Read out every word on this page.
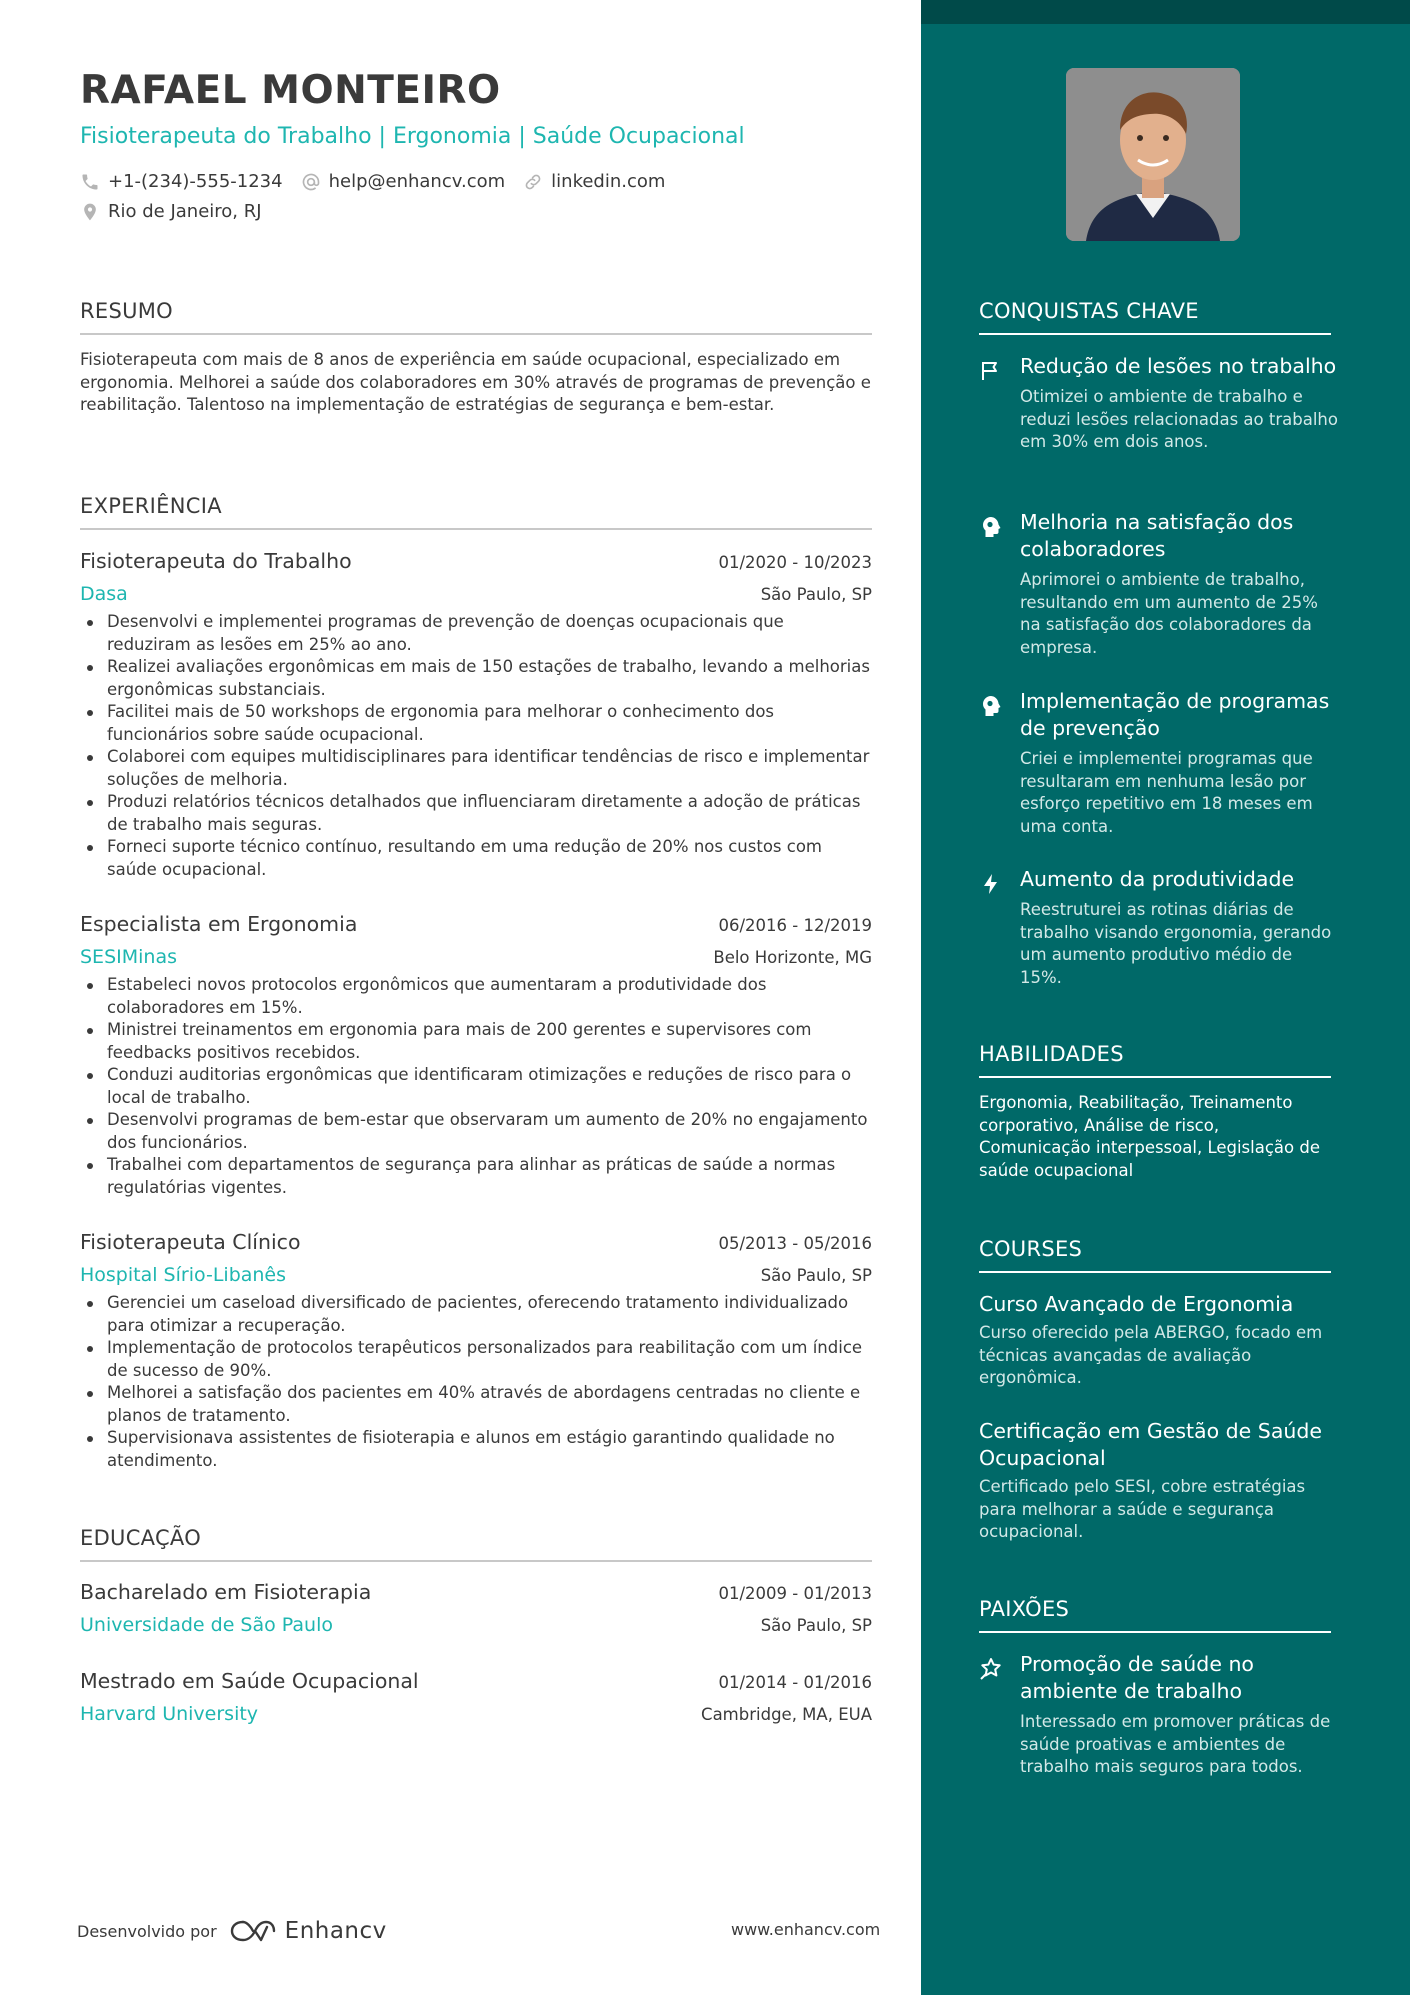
RAFAEL MONTEIRO
Fisioterapeuta do Trabalho | Ergonomia | Saúde Ocupacional
+1-(234)-555-1234	help@enhancv.com	linkedin.com
Rio de Janeiro, RJ
RESUMO
Fisioterapeuta com mais de 8 anos de experiência em saúde ocupacional, especializado em ergonomia. Melhorei a saúde dos colaboradores em 30% através de programas de prevenção e reabilitação. Talentoso na implementação de estratégias de segurança e bem-estar.
EXPERIÊNCIA
Fisioterapeuta do Trabalho	01/2020 - 10/2023
Dasa	São Paulo, SP
Desenvolvi e implementei programas de prevenção de doenças ocupacionais que reduziram as lesões em 25% ao ano.
Realizei avaliações ergonômicas em mais de 150 estações de trabalho, levando a melhorias ergonômicas substanciais.
Facilitei mais de 50 workshops de ergonomia para melhorar o conhecimento dos funcionários sobre saúde ocupacional.
Colaborei com equipes multidisciplinares para identificar tendências de risco e implementar soluções de melhoria.
Produzi relatórios técnicos detalhados que influenciaram diretamente a adoção de práticas de trabalho mais seguras.
Forneci suporte técnico contínuo, resultando em uma redução de 20% nos custos com saúde ocupacional.
Especialista em Ergonomia	06/2016 - 12/2019
SESIMinas	Belo Horizonte, MG
Estabeleci novos protocolos ergonômicos que aumentaram a produtividade dos colaboradores em 15%.
Ministrei treinamentos em ergonomia para mais de 200 gerentes e supervisores com feedbacks positivos recebidos.
Conduzi auditorias ergonômicas que identificaram otimizações e reduções de risco para o local de trabalho.
Desenvolvi programas de bem-estar que observaram um aumento de 20% no engajamento dos funcionários.
Trabalhei com departamentos de segurança para alinhar as práticas de saúde a normas regulatórias vigentes.
Fisioterapeuta Clínico	05/2013 - 05/2016
Hospital Sírio-Libanês	São Paulo, SP
Gerenciei um caseload diversificado de pacientes, oferecendo tratamento individualizado para otimizar a recuperação.
Implementação de protocolos terapêuticos personalizados para reabilitação com um índice de sucesso de 90%.
Melhorei a satisfação dos pacientes em 40% através de abordagens centradas no cliente e planos de tratamento.
Supervisionava assistentes de fisioterapia e alunos em estágio garantindo qualidade no atendimento.
EDUCAÇÃO
Bacharelado em Fisioterapia	01/2009 - 01/2013
Universidade de São Paulo	São Paulo, SP
Mestrado em Saúde Ocupacional	01/2014 - 01/2016
Harvard University	Cambridge, MA, EUA
CONQUISTAS CHAVE
Redução de lesões no trabalho
Otimizei o ambiente de trabalho e reduzi lesões relacionadas ao trabalho em 30% em dois anos.
Melhoria na satisfação dos colaboradores
Aprimorei o ambiente de trabalho, resultando em um aumento de 25% na satisfação dos colaboradores da empresa.
Implementação de programas de prevenção
Criei e implementei programas que resultaram em nenhuma lesão por esforço repetitivo em 18 meses em uma conta.
Aumento da produtividade
Reestruturei as rotinas diárias de trabalho visando ergonomia, gerando um aumento produtivo médio de 15%.
HABILIDADES
Ergonomia, Reabilitação, Treinamento corporativo, Análise de risco, Comunicação interpessoal, Legislação de saúde ocupacional
COURSES
Curso Avançado de Ergonomia
Curso oferecido pela ABERGO, focado em técnicas avançadas de avaliação ergonômica.
Certificação em Gestão de Saúde Ocupacional
Certificado pelo SESI, cobre estratégias para melhorar a saúde e segurança ocupacional.
PAIXÕES
Promoção de saúde no ambiente de trabalho
Interessado em promover práticas de saúde proativas e ambientes de trabalho mais seguros para todos.
Desenvolvido por	Enhancv	www.enhancv.com
